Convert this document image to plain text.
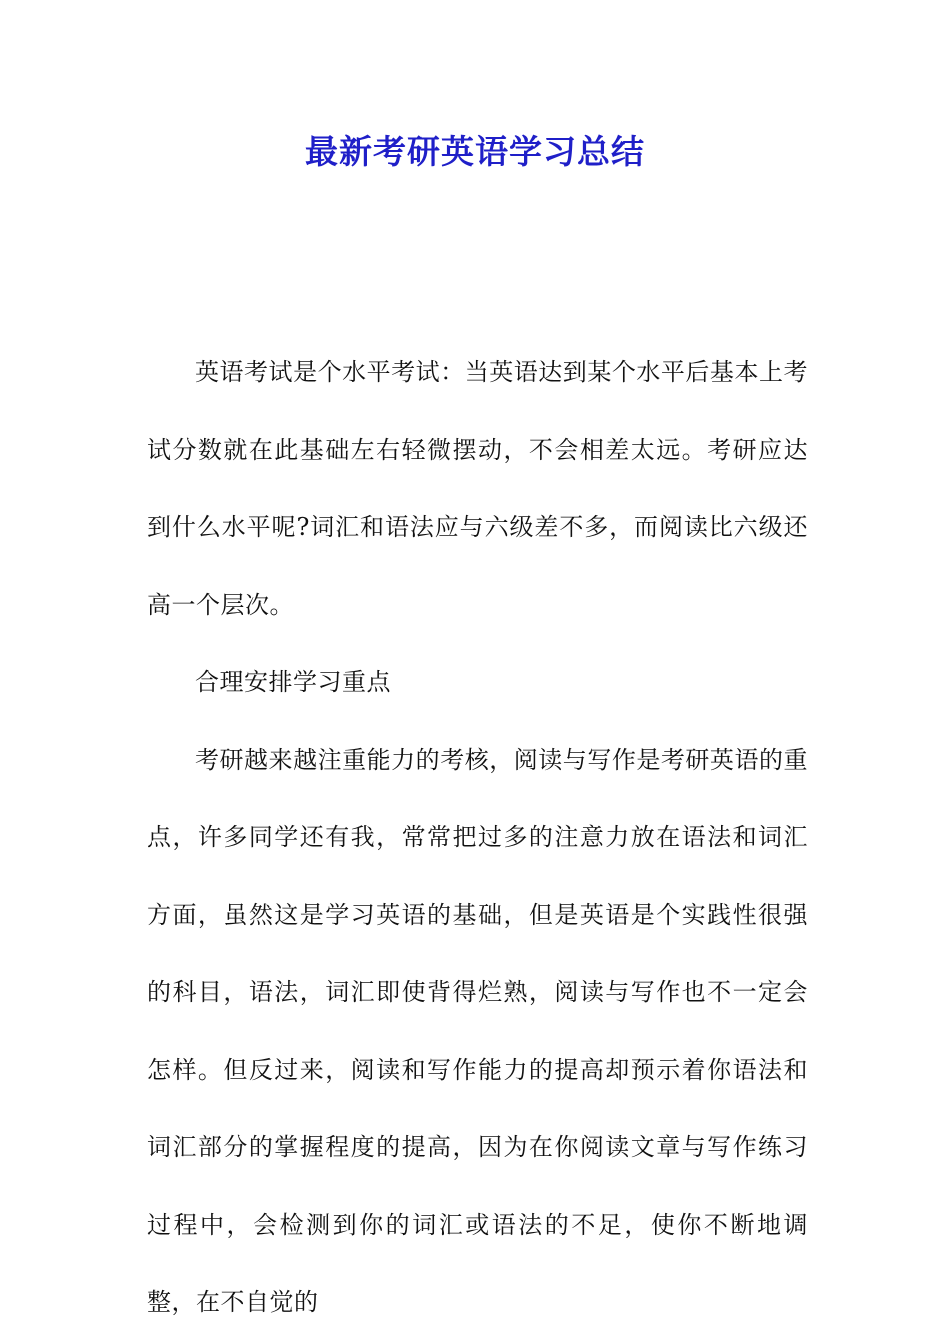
最新考研英语学习总结

英语考试是个水平考试：当英语达到某个水平后基本上考试分数就在此基础左右轻微摆动，不会相差太远。考研应达到什么水平呢?词汇和语法应与六级差不多，而阅读比六级还高一个层次。

合理安排学习重点

考研越来越注重能力的考核，阅读与写作是考研英语的重点，许多同学还有我，常常把过多的注意力放在语法和词汇方面，虽然这是学习英语的基础，但是英语是个实践性很强的科目，语法，词汇即使背得烂熟，阅读与写作也不一定会怎样。但反过来，阅读和写作能力的提高却预示着你语法和词汇部分的掌握程度的提高，因为在你阅读文章与写作练习过程中，会检测到你的词汇或语法的不足，使你不断地调整，在不自觉的
